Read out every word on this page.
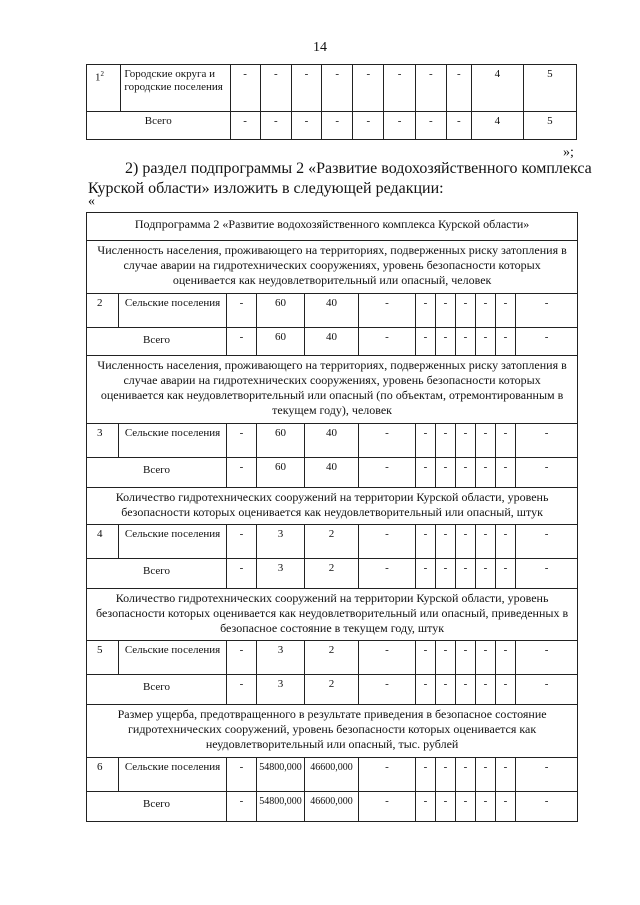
14
$1^2$	Городские округа и городские поселения	-	-	-	-	-	-	-	-	4	5
Всего		-	-	-	-	-	-	-	-	4	5
»;
2) раздел подпрограммы 2 «Развитие водохозяйственного комплекса
Курской области» изложить в следующей редакции:
«
Подпрограмма 2 «Развитие водохозяйственного комплекса Курской области»											
Численность населения, проживающего на территориях, подверженных риску затопления в случае аварии на гидротехнических сооружениях, уровень безопасности которых оценивается как неудовлетворительный или опасный, человек											
2	Сельские поселения	-	60	40	-	-	-	-	-	-	-
Всего		-	60	40	-	-	-	-	-	-	-
Численность населения, проживающего на территориях, подверженных риску затопления в случае аварии на гидротехнических сооружениях, уровень безопасности которых оценивается как неудовлетворительный или опасный (по объектам, отремонтированным в текущем году), человек											
3	Сельские поселения	-	60	40	-	-	-	-	-	-	-
Всего		-	60	40	-	-	-	-	-	-	-
Количество гидротехнических сооружений на территории Курской области, уровень безопасности которых оценивается как неудовлетворительный или опасный, штук											
4	Сельские поселения	-	3	2	-	-	-	-	-	-	-
Всего		-	3	2	-	-	-	-	-	-	-
Количество гидротехнических сооружений на территории Курской области, уровень безопасности которых оценивается как неудовлетворительный или опасный, приведенных в безопасное состояние в текущем году, штук											
5	Сельские поселения	-	3	2	-	-	-	-	-	-	-
Всего		-	3	2	-	-	-	-	-	-	-
Размер ущерба, предотвращенного в результате приведения в безопасное состояние гидротехнических сооружений, уровень безопасности которых оценивается как неудовлетворительный или опасный, тыс. рублей											
6	Сельские поселения	-	54800,000	46600,000	-	-	-	-	-	-	-
Всего		-	54800,000	46600,000	-	-	-	-	-	-	-
